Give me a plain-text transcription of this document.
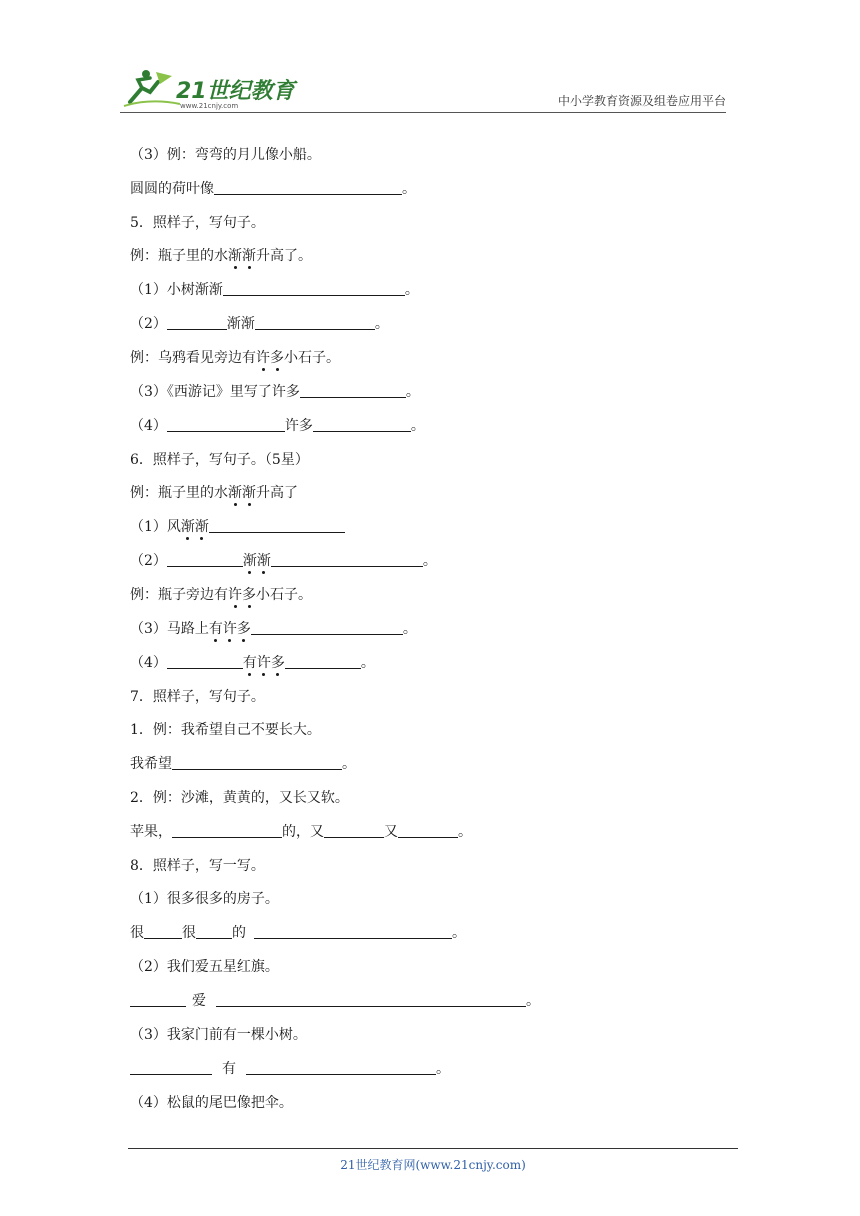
21世纪教育
www.21cnjy.com	中小学教育资源及组卷应用平台
（3）例：弯弯的月儿像小船。
圆圆的荷叶像	。
5．照样子，写句子。
例：瓶子里的水渐渐升高了。
（1）小树渐渐	。
（2）	渐渐	。
例：乌鸦看见旁边有许多小石子。
（3）《西游记》里写了许多	。
（4）	许多	。
6．照样子，写句子。（5星）
例：瓶子里的水渐渐升高了
（1）风渐渐
（2）	渐渐	。
例：瓶子旁边有许多小石子。
（3）马路上有许多	。
（4）	有许多	。
7．照样子，写句子。
1．例：我希望自己不要长大。
我希望	。
2．例：沙滩，黄黄的，又长又软。
苹果，	的，又	又	。
8．照样子，写一写。
（1）很多很多的房子。
很	很	的	。
（2）我们爱五星红旗。
爱	。
（3）我家门前有一棵小树。
有	。
（4）松鼠的尾巴像把伞。
21世纪教育网(www.21cnjy.com)
